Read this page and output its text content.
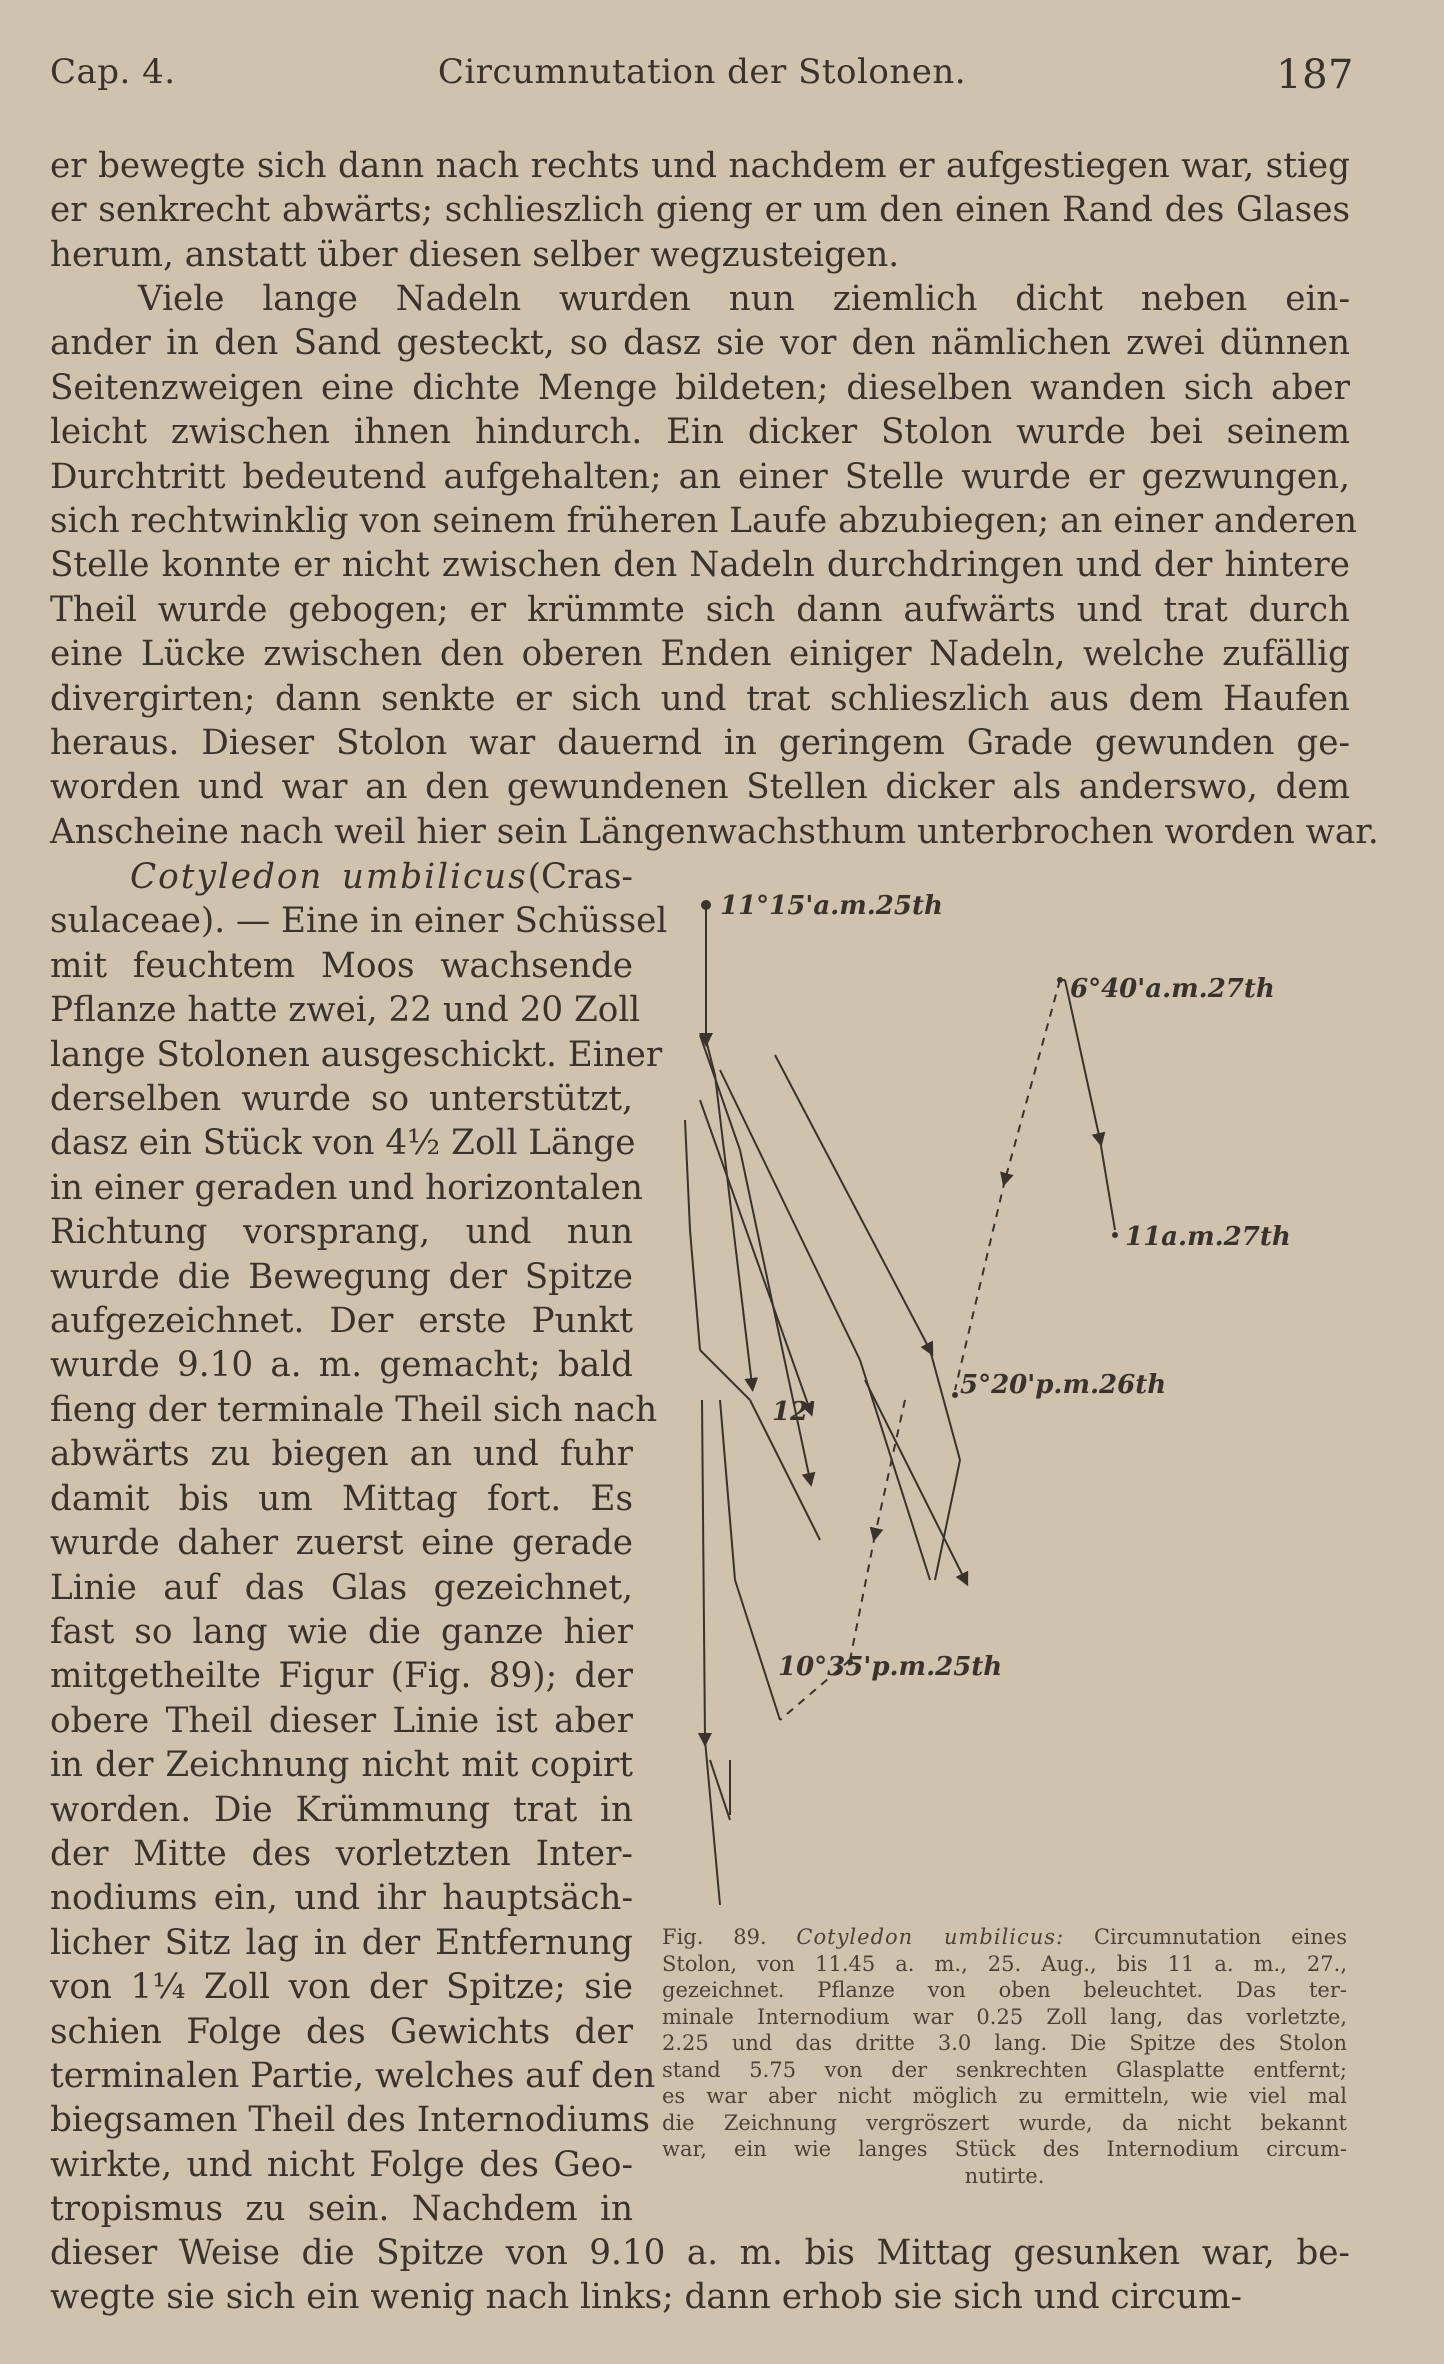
Cap. 4.	Circumnutation der Stolonen.	187
er bewegte sich dann nach rechts und nachdem er aufgestiegen war, stieg
er senkrecht abwärts; schlieszlich gieng er um den einen Rand des Glases
herum, anstatt über diesen selber wegzusteigen.
Viele lange Nadeln wurden nun ziemlich dicht neben ein-
ander in den Sand gesteckt, so dasz sie vor den nämlichen zwei dünnen
Seitenzweigen eine dichte Menge bildeten; dieselben wanden sich aber
leicht zwischen ihnen hindurch. Ein dicker Stolon wurde bei seinem
Durchtritt bedeutend aufgehalten; an einer Stelle wurde er gezwungen,
sich rechtwinklig von seinem früheren Laufe abzubiegen; an einer anderen
Stelle konnte er nicht zwischen den Nadeln durchdringen und der hintere
Theil wurde gebogen; er krümmte sich dann aufwärts und trat durch
eine Lücke zwischen den oberen Enden einiger Nadeln, welche zufällig
divergirten; dann senkte er sich und trat schlieszlich aus dem Haufen
heraus. Dieser Stolon war dauernd in geringem Grade gewunden ge-
worden und war an den gewundenen Stellen dicker als anderswo, dem
Anscheine nach weil hier sein Längenwachsthum unterbrochen worden war.
Cotyledon umbilicus(Cras-
sulaceae). — Eine in einer Schüssel
mit feuchtem Moos wachsende
Pflanze hatte zwei, 22 und 20 Zoll
lange Stolonen ausgeschickt. Einer
derselben wurde so unterstützt,
dasz ein Stück von 4½ Zoll Länge
in einer geraden und horizontalen
Richtung vorsprang, und nun
wurde die Bewegung der Spitze
aufgezeichnet. Der erste Punkt
wurde 9.10 a. m. gemacht; bald
fieng der terminale Theil sich nach
abwärts zu biegen an und fuhr
damit bis um Mittag fort. Es
wurde daher zuerst eine gerade
Linie auf das Glas gezeichnet,
fast so lang wie die ganze hier
mitgetheilte Figur (Fig. 89); der
obere Theil dieser Linie ist aber
in der Zeichnung nicht mit copirt
worden. Die Krümmung trat in
der Mitte des vorletzten Inter-
nodiums ein, und ihr hauptsäch-
licher Sitz lag in der Entfernung
von 1¼ Zoll von der Spitze; sie
schien Folge des Gewichts der
terminalen Partie, welches auf den
biegsamen Theil des Internodiums
wirkte, und nicht Folge des Geo-
tropismus zu sein. Nachdem in
11°15'a.m.25th
6°40'a.m.27th
11a.m.27th
5°20'p.m.26th
12'
10°35'p.m.25th
Fig. 89. Cotyledon umbilicus: Circumnutation eines
Stolon, von 11.45 a. m., 25. Aug., bis 11 a. m., 27.,
gezeichnet. Pflanze von oben beleuchtet. Das ter-
minale Internodium war 0.25 Zoll lang, das vorletzte,
2.25 und das dritte 3.0 lang. Die Spitze des Stolon
stand 5.75 von der senkrechten Glasplatte entfernt;
es war aber nicht möglich zu ermitteln, wie viel mal
die Zeichnung vergröszert wurde, da nicht bekannt
war, ein wie langes Stück des Internodium circum-
nutirte.
dieser Weise die Spitze von 9.10 a. m. bis Mittag gesunken war, be-
wegte sie sich ein wenig nach links; dann erhob sie sich und circum-
